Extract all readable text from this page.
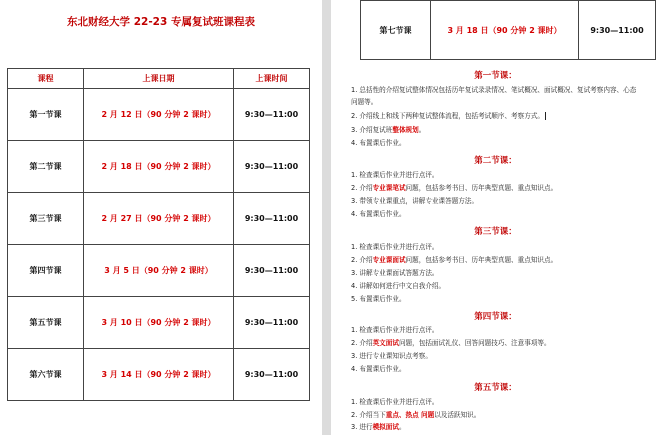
东北财经大学 22-23 专属复试班课程表
课程	上课日期	上课时间
第一节课	2 月 12 日（90 分钟 2 课时）	9:30—11:00
第二节课	2 月 18 日（90 分钟 2 课时）	9:30—11:00
第三节课	2 月 27 日（90 分钟 2 课时）	9:30—11:00
第四节课	3 月 5 日（90 分钟 2 课时）	9:30—11:00
第五节课	3 月 10 日（90 分钟 2 课时）	9:30—11:00
第六节课	3 月 14 日（90 分钟 2 课时）	9:30—11:00
第七节课	3 月 18 日（90 分钟 2 课时）	9:30—11:00
第一节课：
1. 总括性的介绍复试整体情况包括历年复试录录情况、笔试概况、面试概况、复试考察内容、心态
问题等。
2. 介绍线上和线下两种复试整体流程，包括考试顺序、考察方式。
3. 介绍复试班整体规划。
4. 布置课后作业。
第二节课：
1. 检查课后作业并进行点评。
2. 介绍专业课笔试问题，包括参考书目、历年典型真题、重点知识点。
3. 带领专业课重点，讲解专业课答题方法。
4. 布置课后作业。
第三节课：
1. 检查课后作业并进行点评。
2. 介绍专业课面试问题，包括参考书目、历年典型真题、重点知识点。
3. 讲解专业课面试答题方法。
4. 讲解如何进行中文自我介绍。
5. 布置课后作业。
第四节课：
1. 检查课后作业并进行点评。
2. 介绍英文面试问题，包括面试礼仪、回答问题技巧、注意事项等。
3. 进行专业课知识点考察。
4. 布置课后作业。
第五节课：
1. 检查课后作业并进行点评。
2. 介绍当下重点、热点 问题以及活跃知识。
3. 进行模拟面试。
